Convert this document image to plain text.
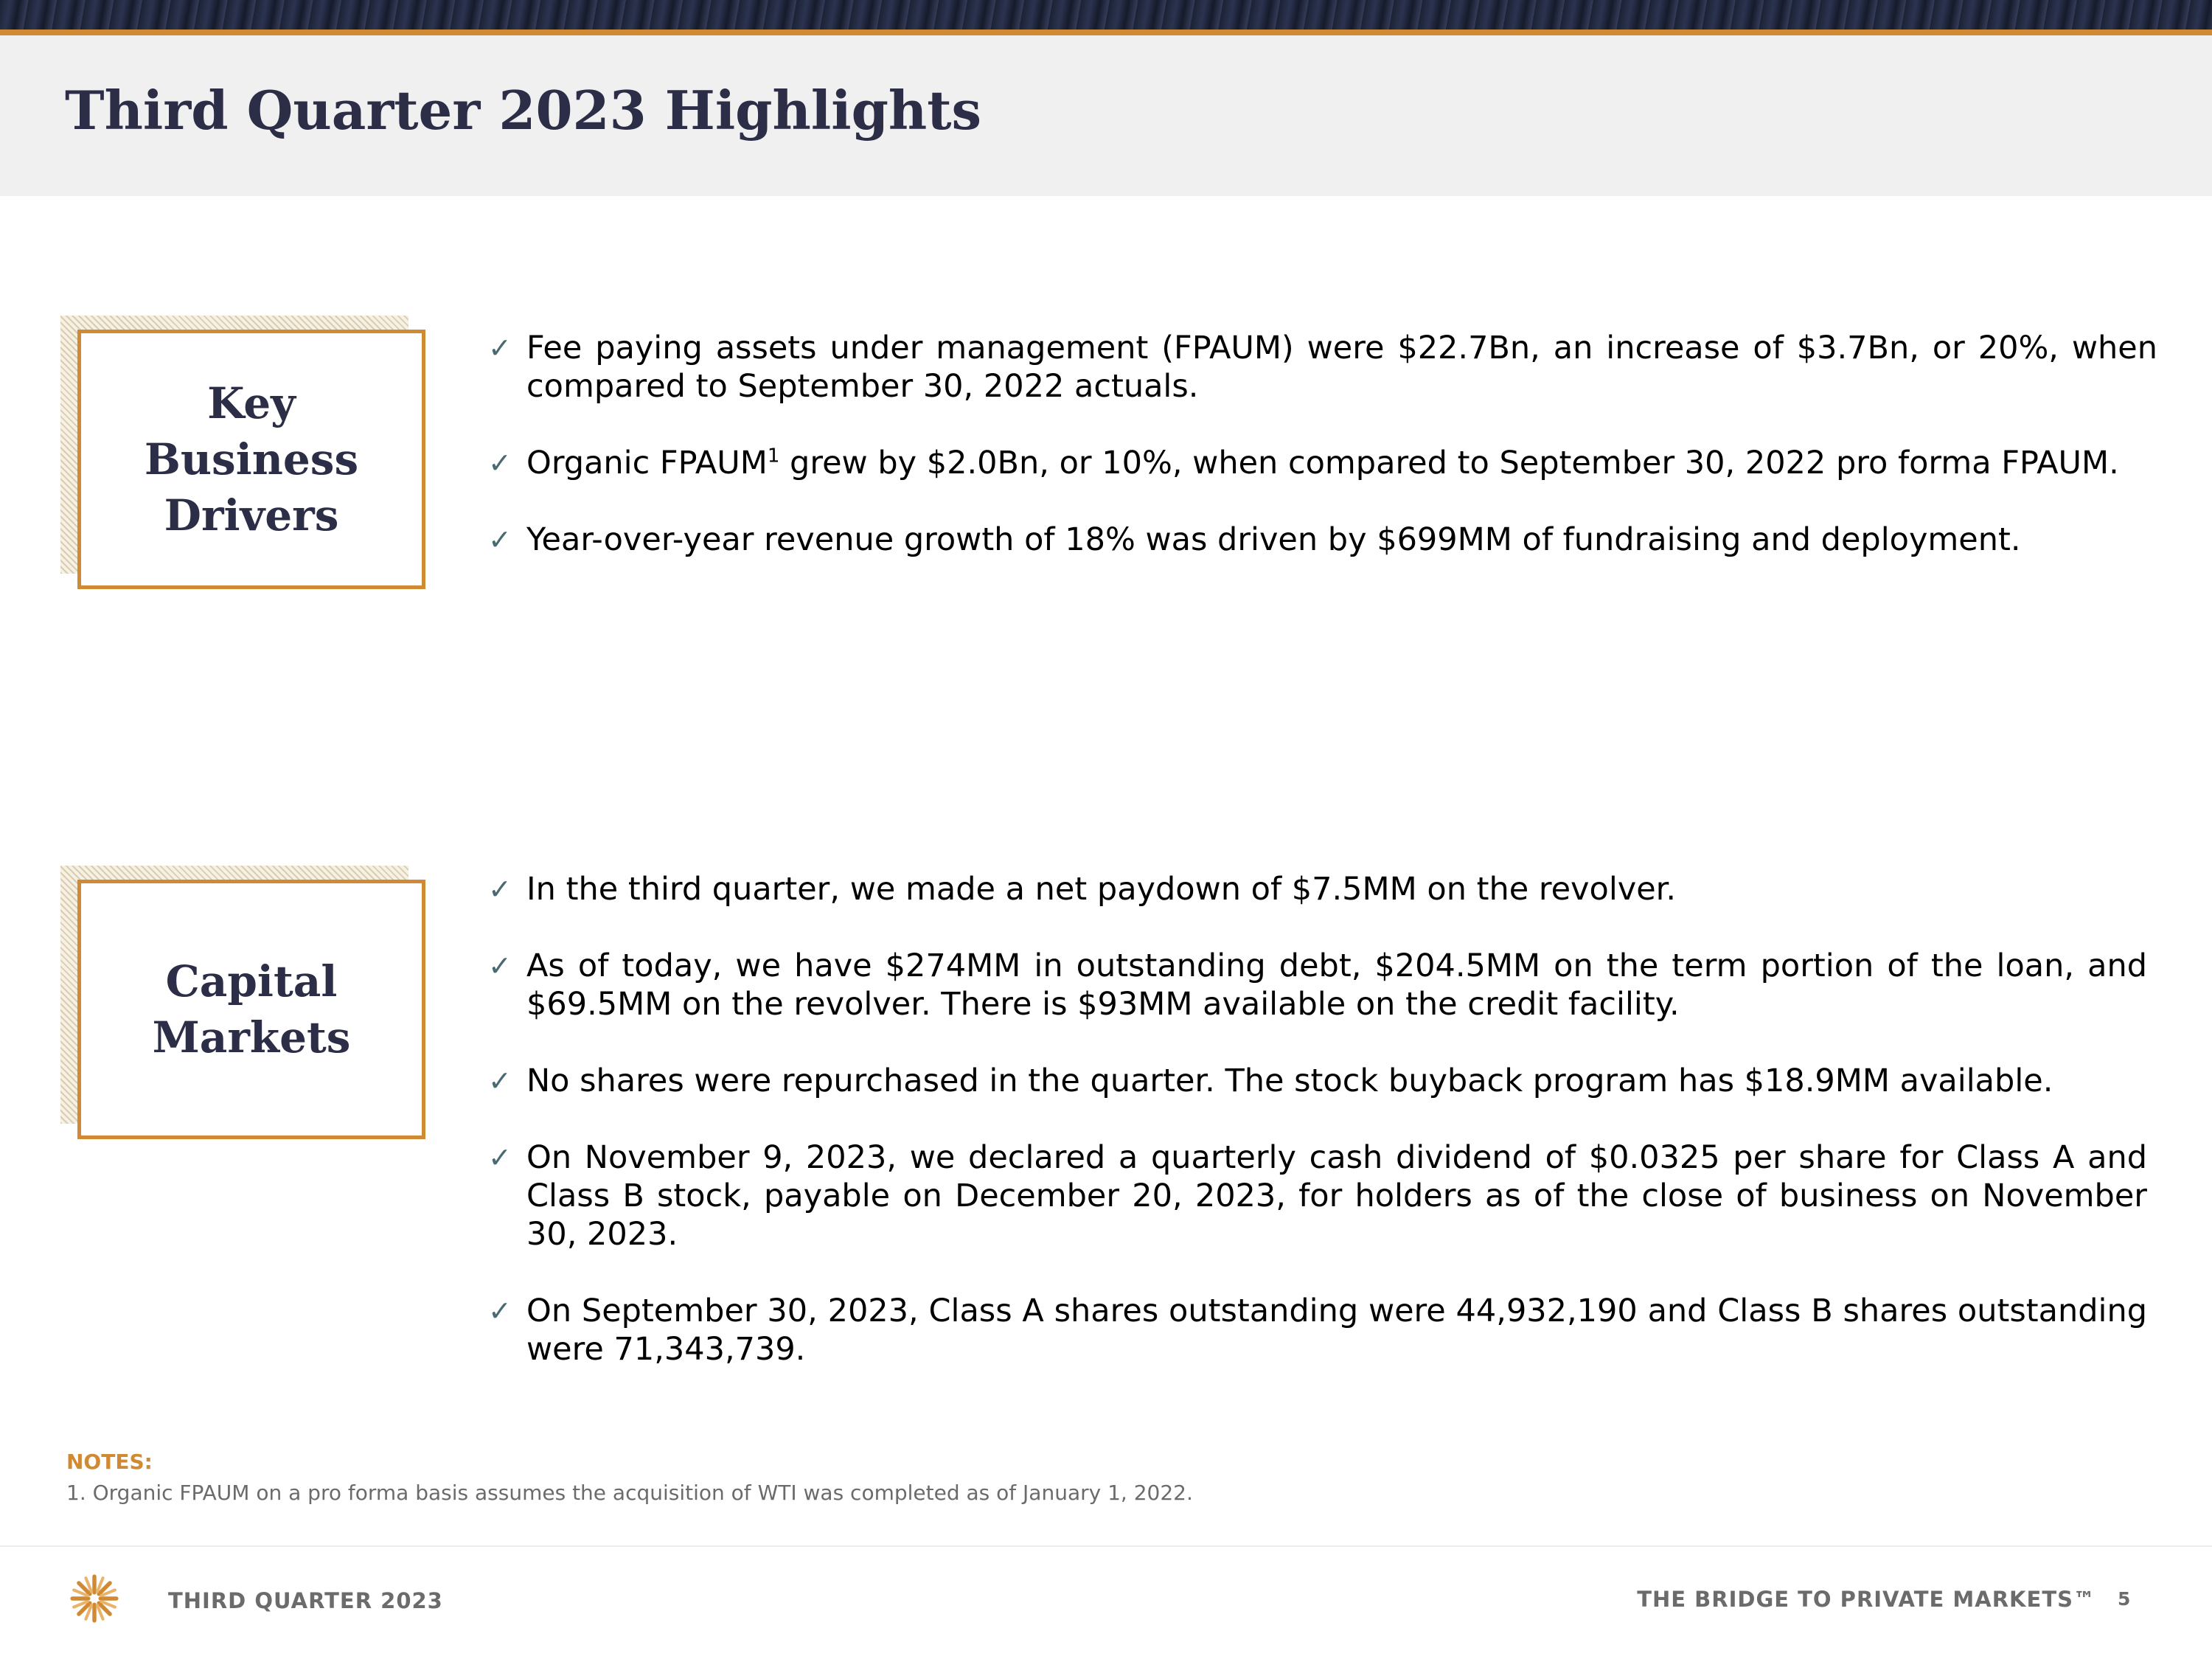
Third Quarter 2023 Highlights
Key
Business
Drivers
✓ Fee paying assets under management (FPAUM) were $22.7Bn, an increase of $3.7Bn, or 20%, when compared to September 30, 2022 actuals.
✓ Organic FPAUM$^1$ grew by $2.0Bn, or 10%, when compared to September 30, 2022 pro forma FPAUM.
✓ Year-over-year revenue growth of 18% was driven by $699MM of fundraising and deployment.
Capital
Markets
✓ In the third quarter, we made a net paydown of $7.5MM on the revolver.
✓ As of today, we have $274MM in outstanding debt, $204.5MM on the term portion of the loan, and $69.5MM on the revolver. There is $93MM available on the credit facility.
✓ No shares were repurchased in the quarter. The stock buyback program has $18.9MM available.
✓ On November 9, 2023, we declared a quarterly cash dividend of $0.0325 per share for Class A and Class B stock, payable on December 20, 2023, for holders as of the close of business on November 30, 2023.
✓ On September 30, 2023, Class A shares outstanding were 44,932,190 and Class B shares outstanding were 71,343,739.
NOTES:
1. Organic FPAUM on a pro forma basis assumes the acquisition of WTI was completed as of January 1, 2022.
THIRD QUARTER 2023	THE BRIDGE TO PRIVATE MARKETS™ 5
